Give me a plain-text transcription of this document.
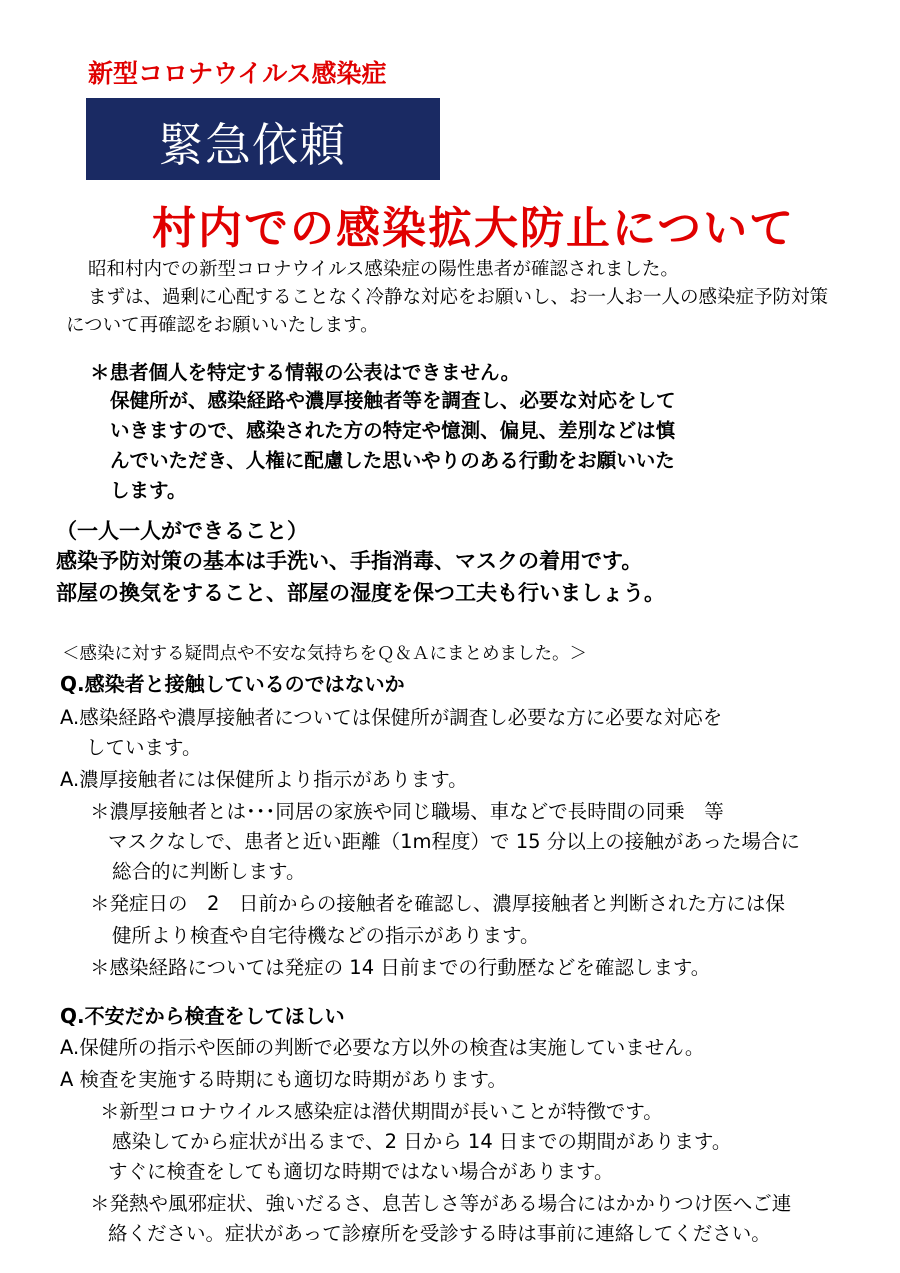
新型コロナウイルス感染症
緊急依頼
村内での感染拡大防止について
昭和村内での新型コロナウイルス感染症の陽性患者が確認されました。
まずは、過剰に心配することなく冷静な対応をお願いし、お一人お一人の感染症予防対策
について再確認をお願いいたします。
＊患者個人を特定する情報の公表はできません。
保健所が、感染経路や濃厚接触者等を調査し、必要な対応をして
いきますので、感染された方の特定や憶測、偏見、差別などは慎
んでいただき、人権に配慮した思いやりのある行動をお願いいた
します。
（一人一人ができること）
感染予防対策の基本は手洗い、手指消毒、マスクの着用です。
部屋の換気をすること、部屋の湿度を保つ工夫も行いましょう。
＜感染に対する疑問点や不安な気持ちをＱ＆Ａにまとめました。＞
Q.感染者と接触しているのではないか
A.感染経路や濃厚接触者については保健所が調査し必要な方に必要な対応を
しています。
A.濃厚接触者には保健所より指示があります。
＊濃厚接触者とは･･･同居の家族や同じ職場、車などで長時間の同乗　等
マスクなしで、患者と近い距離（1m程度）で 15 分以上の接触があった場合に
総合的に判断します。
＊発症日の　2　日前からの接触者を確認し、濃厚接触者と判断された方には保
健所より検査や自宅待機などの指示があります。
＊感染経路については発症の 14 日前までの行動歴などを確認します。
Q.不安だから検査をしてほしい
A.保健所の指示や医師の判断で必要な方以外の検査は実施していません。
A 検査を実施する時期にも適切な時期があります。
＊新型コロナウイルス感染症は潜伏期間が長いことが特徴です。
感染してから症状が出るまで、2 日から 14 日までの期間があります。
すぐに検査をしても適切な時期ではない場合があります。
＊発熱や風邪症状、強いだるさ、息苦しさ等がある場合にはかかりつけ医へご連
絡ください。症状があって診療所を受診する時は事前に連絡してください。
